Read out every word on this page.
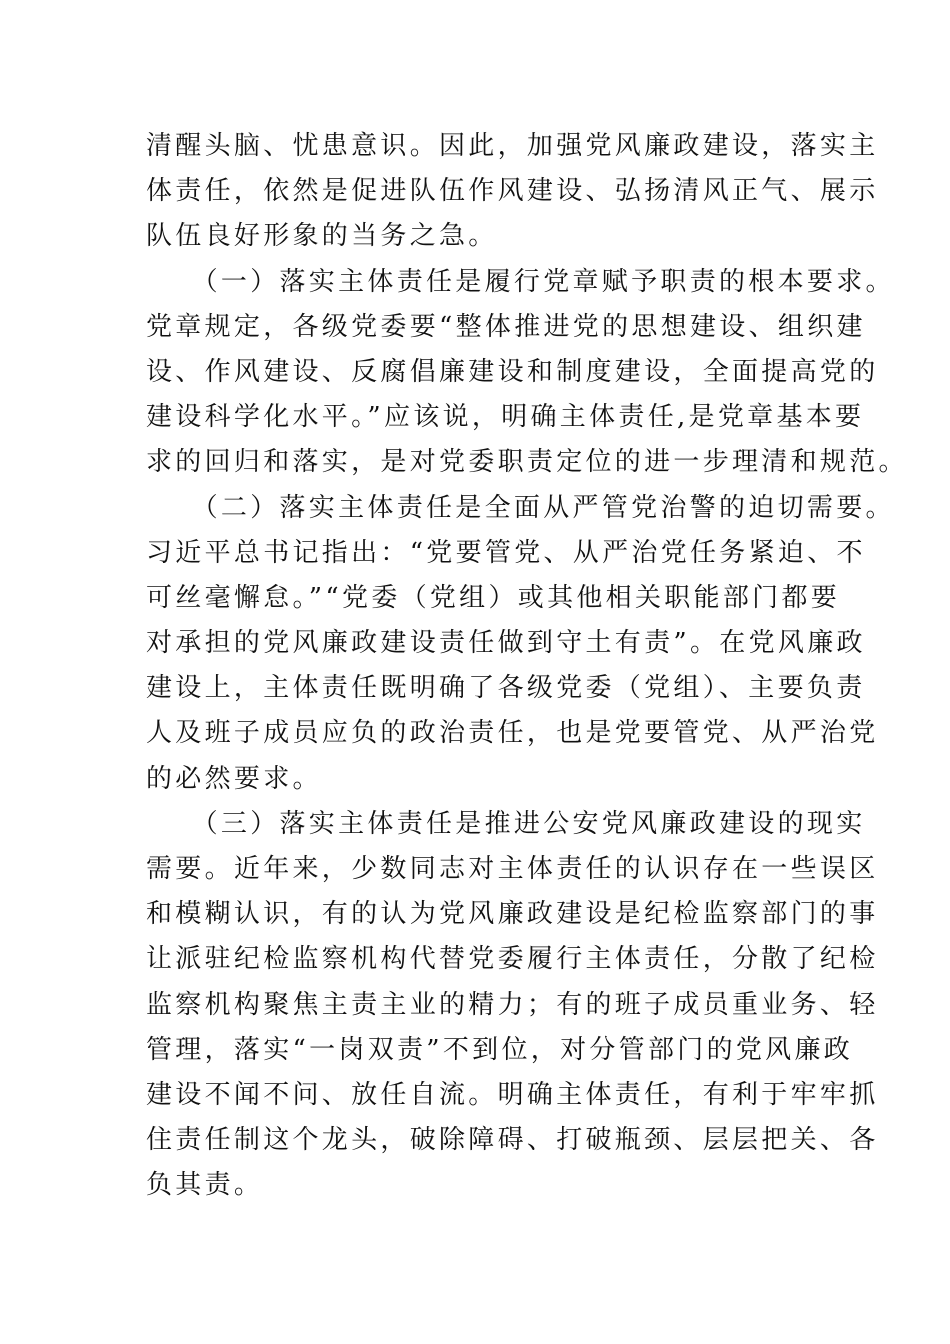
清醒头脑、忧患意识。因此，加强党风廉政建设，落实主
体责任，依然是促进队伍作风建设、弘扬清风正气、展示
队伍良好形象的当务之急。
　　（一）落实主体责任是履行党章赋予职责的根本要求。
党章规定，各级党委要“整体推进党的思想建设、组织建
设、作风建设、反腐倡廉建设和制度建设，全面提高党的
建设科学化水平。”应该说，明确主体责任,是党章基本要
求的回归和落实，是对党委职责定位的进一步理清和规范。
　　（二）落实主体责任是全面从严管党治警的迫切需要。
习近平总书记指出：“党要管党、从严治党任务紧迫、不
可丝毫懈怠。”“党委（党组）或其他相关职能部门都要
对承担的党风廉政建设责任做到守土有责”。在党风廉政
建设上，主体责任既明确了各级党委（党组）、主要负责
人及班子成员应负的政治责任，也是党要管党、从严治党
的必然要求。
　　（三）落实主体责任是推进公安党风廉政建设的现实
需要。近年来，少数同志对主体责任的认识存在一些误区
和模糊认识，有的认为党风廉政建设是纪检监察部门的事
让派驻纪检监察机构代替党委履行主体责任，分散了纪检
监察机构聚焦主责主业的精力；有的班子成员重业务、轻
管理，落实“一岗双责”不到位，对分管部门的党风廉政
建设不闻不问、放任自流。明确主体责任，有利于牢牢抓
住责任制这个龙头，破除障碍、打破瓶颈、层层把关、各
负其责。
